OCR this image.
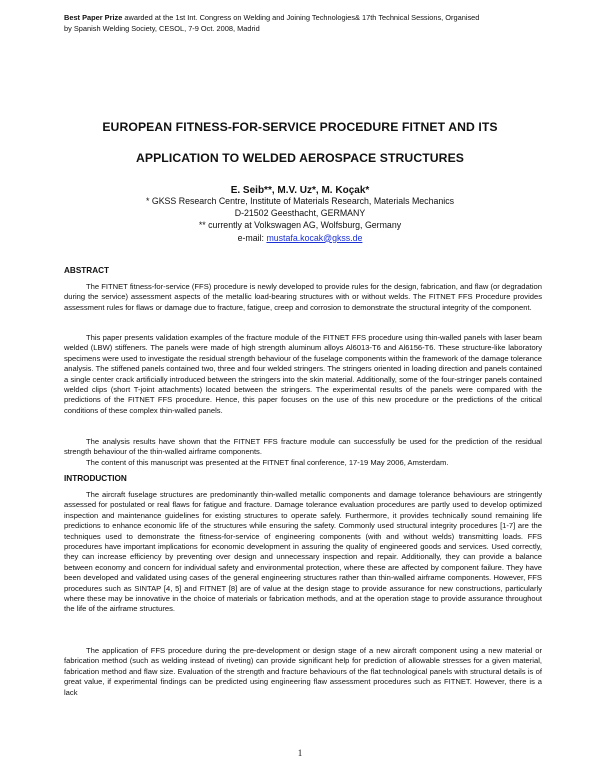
Best Paper Prize awarded at the 1st Int. Congress on Welding and Joining Technologies& 17th Technical Sessions, Organised
by Spanish Welding Society, CESOL, 7-9 Oct. 2008, Madrid
EUROPEAN FITNESS-FOR-SERVICE PROCEDURE FITNET AND ITS
APPLICATION TO WELDED AEROSPACE STRUCTURES
E. Seib**, M.V. Uz*, M. Koçak*
* GKSS Research Centre, Institute of Materials Research, Materials Mechanics
D-21502 Geesthacht, GERMANY
** currently at Volkswagen AG, Wolfsburg, Germany
e-mail: mustafa.kocak@gkss.de
ABSTRACT
The FITNET fitness-for-service (FFS) procedure is newly developed to provide rules for the design, fabrication, and flaw (or degradation during the service) assessment aspects of the metallic load-bearing structures with or without welds. The FITNET FFS Procedure provides assessment rules for flaws or damage due to fracture, fatigue, creep and corrosion to demonstrate the structural integrity of the component.
This paper presents validation examples of the fracture module of the FITNET FFS procedure using thin-walled panels with laser beam welded (LBW) stiffeners. The panels were made of high strength aluminum alloys Al6013-T6 and Al6156-T6. These structure-like laboratory specimens were used to investigate the residual strength behaviour of the fuselage components within the framework of the damage tolerance analysis. The stiffened panels contained two, three and four welded stringers. The stringers oriented in loading direction and panels contained a single center crack artificially introduced between the stringers into the skin material. Additionally, some of the four-stringer panels contained welded clips (short T-joint attachments) located between the stringers. The experimental results of the panels were compared with the predictions of the FITNET FFS procedure. Hence, this paper focuses on the use of this new procedure or the predictions of the critical conditions of these complex thin-walled panels.
The analysis results have shown that the FITNET FFS fracture module can successfully be used for the prediction of the residual strength behaviour of the thin-walled airframe components.
The content of this manuscript was presented at the FITNET final conference, 17-19 May 2006, Amsterdam.
INTRODUCTION
The aircraft fuselage structures are predominantly thin-walled metallic components and damage tolerance behaviours are stringently assessed for postulated or real flaws for fatigue and fracture. Damage tolerance evaluation procedures are partly used to develop optimized inspection and maintenance guidelines for existing structures to operate safely. Furthermore, it provides technically sound remaining life predictions to enhance economic life of the structures while ensuring the safety. Commonly used structural integrity procedures [1-7] are the techniques used to demonstrate the fitness-for-service of engineering components (with and without welds) transmitting loads. FFS procedures have important implications for economic development in assuring the quality of engineered goods and services. Used correctly, they can increase efficiency by preventing over design and unnecessary inspection and repair. Additionally, they can provide a balance between economy and concern for individual safety and environmental protection, where these are affected by component failure. They have been developed and validated using cases of the general engineering structures rather than thin-walled airframe components. However, FFS procedures such as SINTAP [4, 5] and FITNET [8] are of value at the design stage to provide assurance for new constructions, particularly where these may be innovative in the choice of materials or fabrication methods, and at the operation stage to provide assurance throughout the life of the airframe structures.
The application of FFS procedure during the pre-development or design stage of a new aircraft component using a new material or fabrication method (such as welding instead of riveting) can provide significant help for prediction of allowable stresses for a given material, fabrication method and flaw size. Evaluation of the strength and fracture behaviours of the flat technological panels with structural details is of great value, if experimental findings can be predicted using engineering flaw assessment procedures such as FITNET. However, there is a lack
1
